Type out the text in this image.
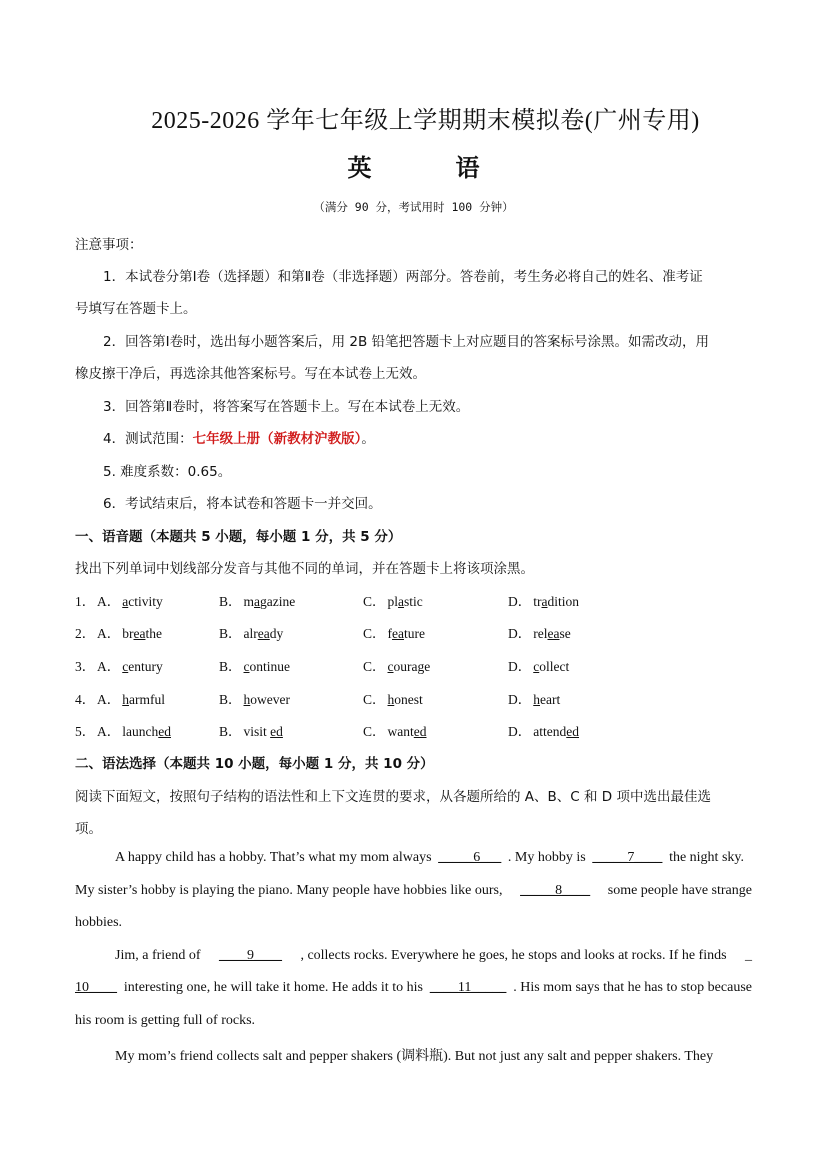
2025-2026 学年七年级上学期期末模拟卷(广州专用)
英　语
（满分 90 分，考试用时 100 分钟）
注意事项：
1．本试卷分第Ⅰ卷（选择题）和第Ⅱ卷（非选择题）两部分。答卷前，考生务必将自己的姓名、准考证
号填写在答题卡上。
2．回答第Ⅰ卷时，选出每小题答案后，用 2B 铅笔把答题卡上对应题目的答案标号涂黑。如需改动，用
橡皮擦干净后，再选涂其他答案标号。写在本试卷上无效。
3．回答第Ⅱ卷时，将答案写在答题卡上。写在本试卷上无效。
4．测试范围：七年级上册（新教材沪教版）。
5. 难度系数：0.65。
6．考试结束后，将本试卷和答题卡一并交回。
一、语音题（本题共 5 小题，每小题 1 分，共 5 分）
找出下列单词中划线部分发音与其他不同的单词，并在答题卡上将该项涂黑。
1． A． activity	B． magazine	C． plastic	D． tradition
2． A． breathe	B． already	C． feature	D． release
3． A． century	B． continue	C． courage	D． collect
4． A． harmful	B． however	C． honest	D． heart
5． A． launched	B． visit ed	C． wanted	D． attended
二、语法选择（本题共 10 小题，每小题 1 分，共 10 分）
阅读下面短文，按照句子结构的语法性和上下文连贯的要求，从各题所给的 A、B、C 和 D 项中选出最佳选
项。
A happy child has a hobby. That’s what my mom always _____6___ . My hobby is _____7____ the night sky.
My sister’s hobby is playing the piano. Many people have hobbies like ours, _____8____ some people have strange
hobbies.
Jim, a friend of ____9____ , collects rocks. Everywhere he goes, he stops and looks at rocks. If he finds _
10____ interesting one, he will take it home. He adds it to his ____11_____ . His mom says that he has to stop because
his room is getting full of rocks.
My mom’s friend collects salt and pepper shakers (调料瓶). But not just any salt and pepper shakers. They
